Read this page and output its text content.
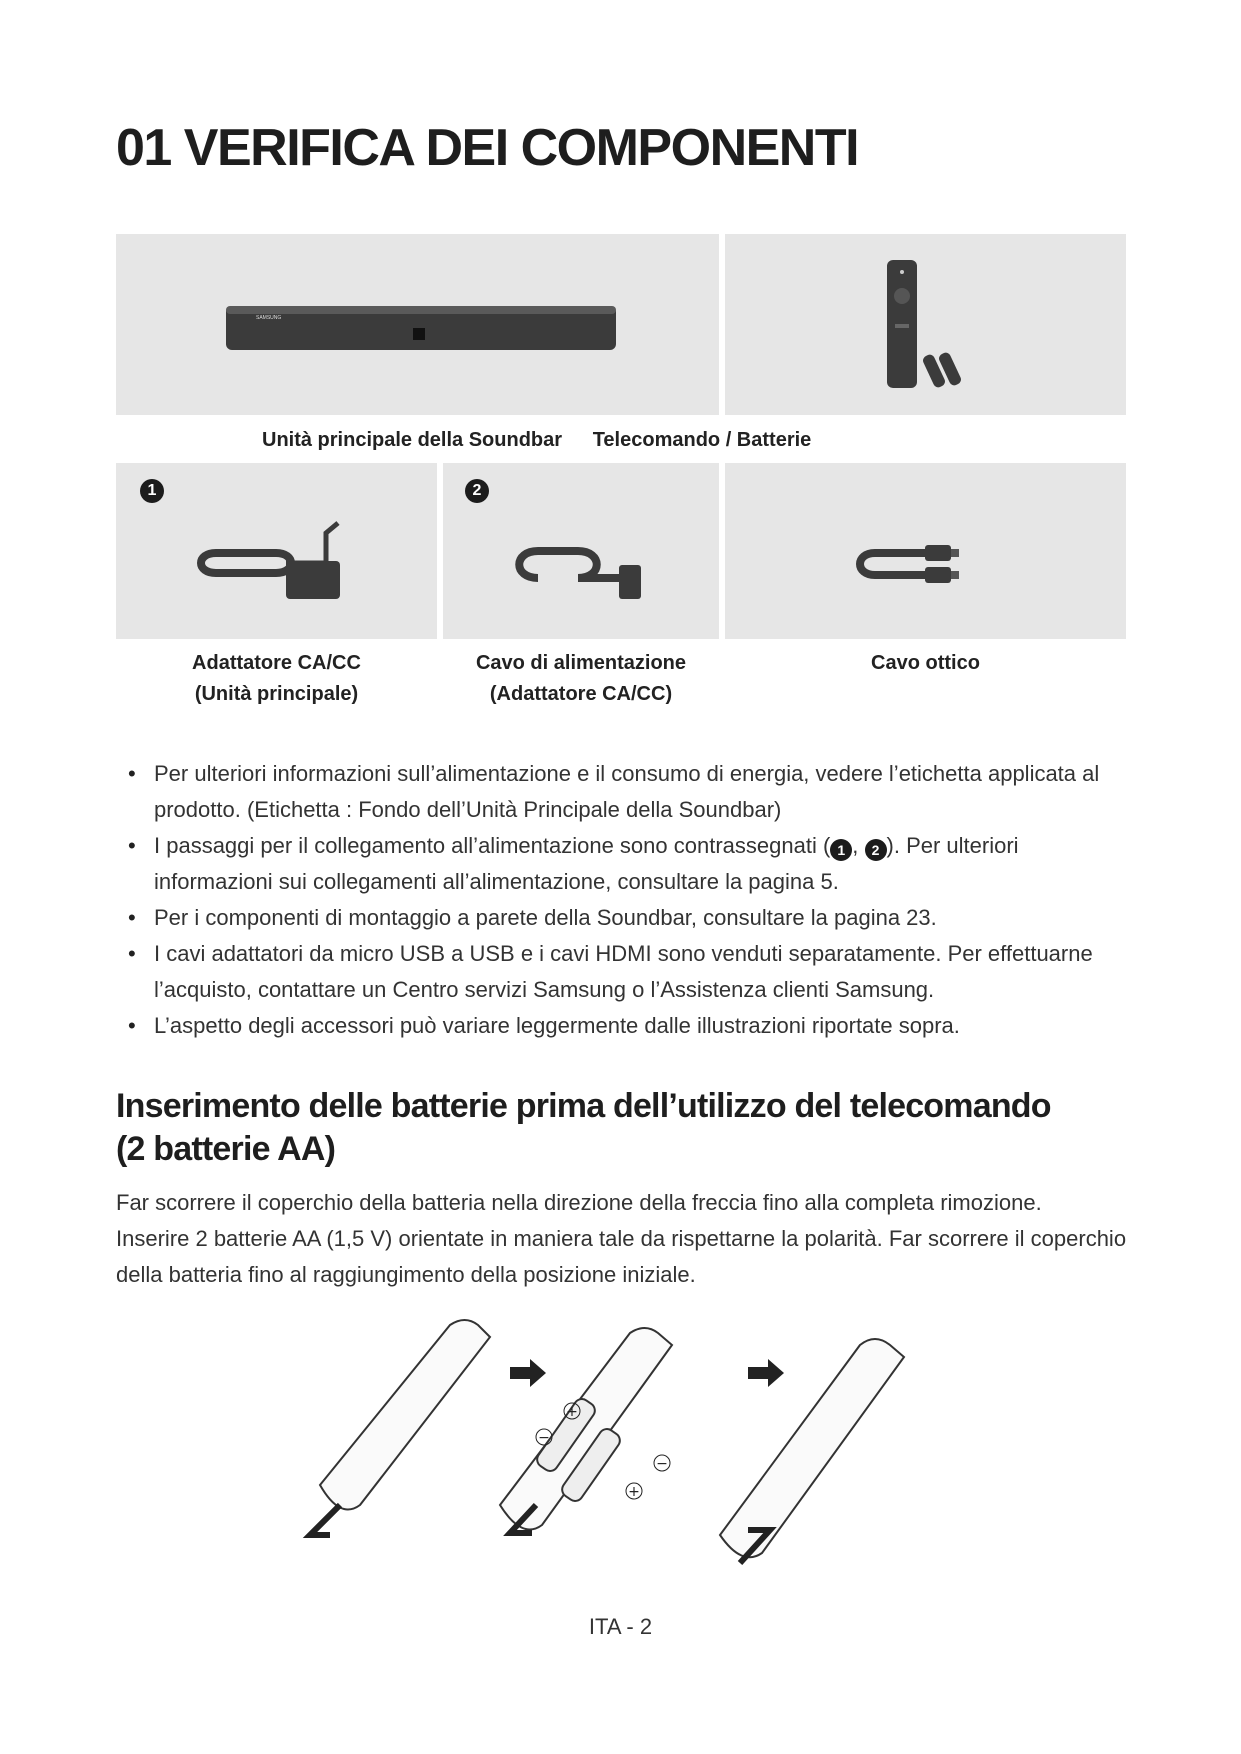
01 VERIFICA DEI COMPONENTI
SAMSUNG
Unità principale della Soundbar	Telecomando / Batterie
1	2
Adattatore CA/CC
(Unità principale)
Cavo di alimentazione
(Adattatore CA/CC)
Cavo ottico
• Per ulteriori informazioni sull’alimentazione e il consumo di energia, vedere l’etichetta applicata al prodotto. (Etichetta : Fondo dell’Unità Principale della Soundbar)
• I passaggi per il collegamento all’alimentazione sono contrassegnati ( 1 , 2 ). Per ulteriori informazioni sui collegamenti all’alimentazione, consultare la pagina 5.
• Per i componenti di montaggio a parete della Soundbar, consultare la pagina 23.
• I cavi adattatori da micro USB a USB e i cavi HDMI sono venduti separatamente. Per effettuarne l’acquisto, contattare un Centro servizi Samsung o l’Assistenza clienti Samsung.
• L’aspetto degli accessori può variare leggermente dalle illustrazioni riportate sopra.
Inserimento delle batterie prima dell’utilizzo del telecomando
(2 batterie AA)

Far scorrere il coperchio della batteria nella direzione della freccia fino alla completa rimozione.

Inserire 2 batterie AA (1,5 V) orientate in maniera tale da rispettarne la polarità. Far scorrere il coperchio della batteria fino al raggiungimento della posizione iniziale.

+
−
−
+
ITA - 2
